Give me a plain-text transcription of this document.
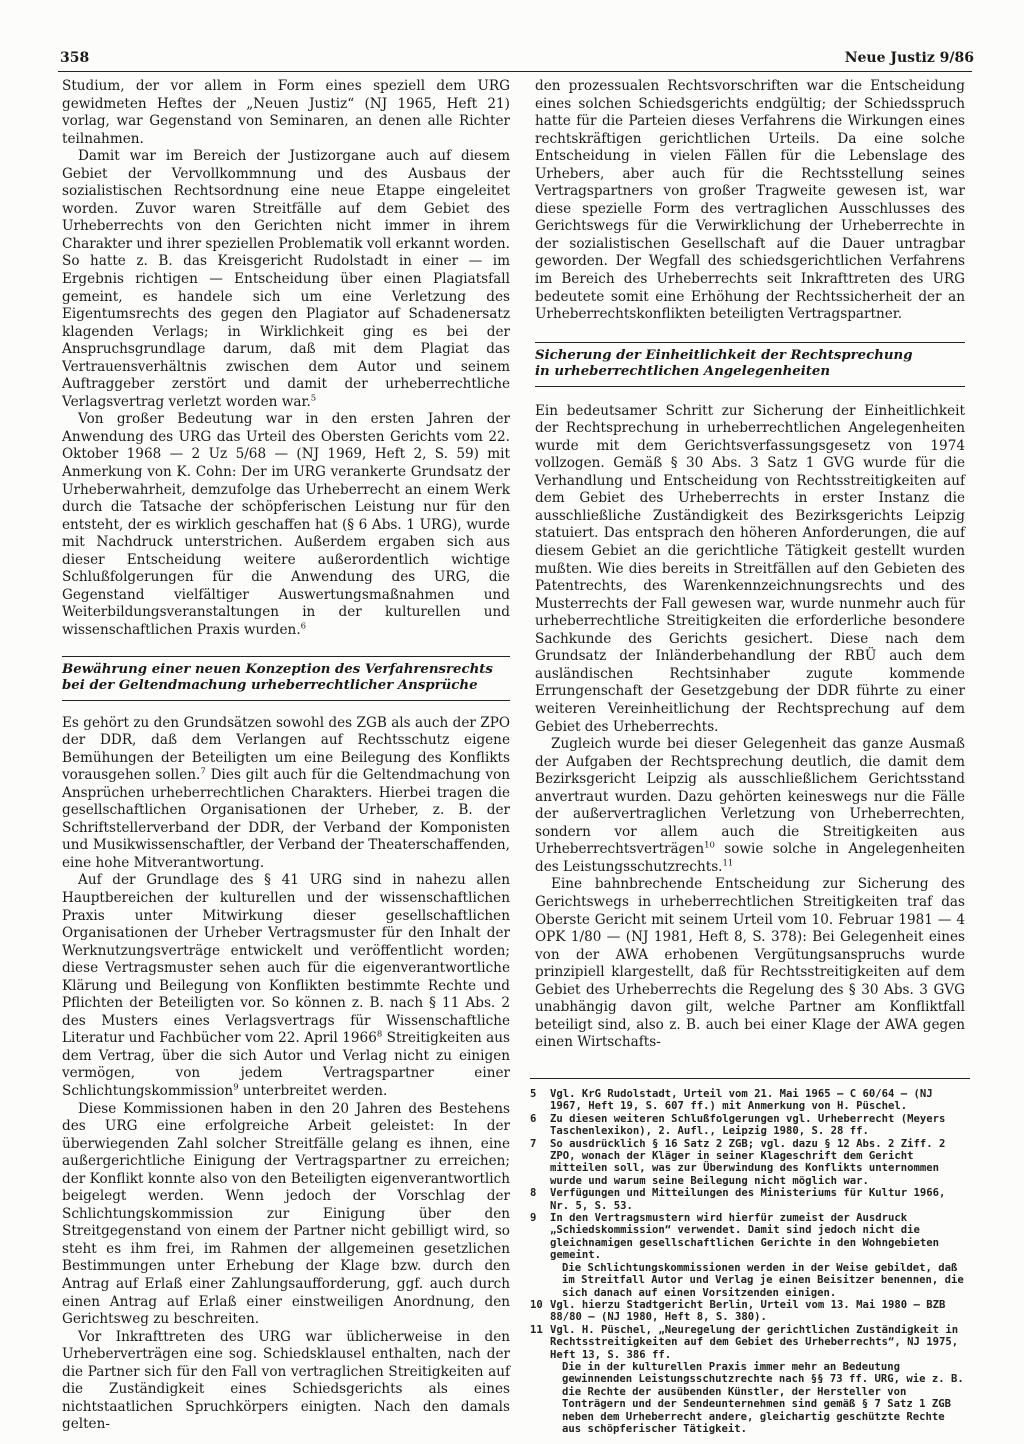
358	Neue Justiz 9/86

Studium, der vor allem in Form eines speziell dem URG gewidmeten Heftes der „Neuen Justiz“ (NJ 1965, Heft 21) vorlag, war Gegenstand von Seminaren, an denen alle Richter teilnahmen.

Damit war im Bereich der Justizorgane auch auf diesem Gebiet der Vervollkommnung und des Ausbaus der sozialistischen Rechtsordnung eine neue Etappe eingeleitet worden. Zuvor waren Streitfälle auf dem Gebiet des Urheberrechts von den Gerichten nicht immer in ihrem Charakter und ihrer speziellen Problematik voll erkannt worden. So hatte z. B. das Kreisgericht Rudolstadt in einer — im Ergebnis richtigen — Entscheidung über einen Plagiatsfall gemeint, es handele sich um eine Verletzung des Eigentumsrechts des gegen den Plagiator auf Schadenersatz klagenden Verlags; in Wirklichkeit ging es bei der Anspruchsgrundlage darum, daß mit dem Plagiat das Vertrauensverhältnis zwischen dem Autor und seinem Auftraggeber zerstört und damit der urheberrechtliche Verlagsvertrag verletzt worden war.$^5$

Von großer Bedeutung war in den ersten Jahren der Anwendung des URG das Urteil des Obersten Gerichts vom 22. Oktober 1968 — 2 Uz 5/68 — (NJ 1969, Heft 2, S. 59) mit Anmerkung von K. Cohn: Der im URG verankerte Grundsatz der Urheberwahrheit, demzufolge das Urheberrecht an einem Werk durch die Tatsache der schöpferischen Leistung nur für den entsteht, der es wirklich geschaffen hat (§ 6 Abs. 1 URG), wurde mit Nachdruck unterstrichen. Außerdem ergaben sich aus dieser Entscheidung weitere außerordentlich wichtige Schlußfolgerungen für die Anwendung des URG, die Gegenstand vielfältiger Auswertungsmaßnahmen und Weiterbildungsveranstaltungen in der kulturellen und wissenschaftlichen Praxis wurden.$^6$

Bewährung einer neuen Konzeption des Verfahrensrechts
bei der Geltendmachung urheberrechtlicher Ansprüche

Es gehört zu den Grundsätzen sowohl des ZGB als auch der ZPO der DDR, daß dem Verlangen auf Rechtsschutz eigene Bemühungen der Beteiligten um eine Beilegung des Konflikts vorausgehen sollen.$^7$ Dies gilt auch für die Geltendmachung von Ansprüchen urheberrechtlichen Charakters. Hierbei tragen die gesellschaftlichen Organisationen der Urheber, z. B. der Schriftstellerverband der DDR, der Verband der Komponisten und Musikwissenschaftler, der Verband der Theaterschaffenden, eine hohe Mitverantwortung.

Auf der Grundlage des § 41 URG sind in nahezu allen Hauptbereichen der kulturellen und der wissenschaftlichen Praxis unter Mitwirkung dieser gesellschaftlichen Organisationen der Urheber Vertragsmuster für den Inhalt der Werknutzungsverträge entwickelt und veröffentlicht worden; diese Vertragsmuster sehen auch für die eigenverantwortliche Klärung und Beilegung von Konflikten bestimmte Rechte und Pflichten der Beteiligten vor. So können z. B. nach § 11 Abs. 2 des Musters eines Verlagsvertrags für Wissenschaftliche Literatur und Fachbücher vom 22. April 1966$^8$ Streitigkeiten aus dem Vertrag, über die sich Autor und Verlag nicht zu einigen vermögen, von jedem Vertragspartner einer Schlichtungskommission$^9$ unterbreitet werden.

Diese Kommissionen haben in den 20 Jahren des Bestehens des URG eine erfolgreiche Arbeit geleistet: In der überwiegenden Zahl solcher Streitfälle gelang es ihnen, eine außergerichtliche Einigung der Vertragspartner zu erreichen; der Konflikt konnte also von den Beteiligten eigenverantwortlich beigelegt werden. Wenn jedoch der Vorschlag der Schlichtungskommission zur Einigung über den Streitgegenstand von einem der Partner nicht gebilligt wird, so steht es ihm frei, im Rahmen der allgemeinen gesetzlichen Bestimmungen unter Erhebung der Klage bzw. durch den Antrag auf Erlaß einer Zahlungsaufforderung, ggf. auch durch einen Antrag auf Erlaß einer einstweiligen Anordnung, den Gerichtsweg zu beschreiten.

Vor Inkrafttreten des URG war üblicherweise in den Urheberverträgen eine sog. Schiedsklausel enthalten, nach der die Partner sich für den Fall von vertraglichen Streitigkeiten auf die Zuständigkeit eines Schiedsgerichts als eines nichtstaatlichen Spruchkörpers einigten. Nach den damals gelten-

den prozessualen Rechtsvorschriften war die Entscheidung eines solchen Schiedsgerichts endgültig; der Schiedsspruch hatte für die Parteien dieses Verfahrens die Wirkungen eines rechtskräftigen gerichtlichen Urteils. Da eine solche Entscheidung in vielen Fällen für die Lebenslage des Urhebers, aber auch für die Rechtsstellung seines Vertragspartners von großer Tragweite gewesen ist, war diese spezielle Form des vertraglichen Ausschlusses des Gerichtswegs für die Verwirklichung der Urheberrechte in der sozialistischen Gesellschaft auf die Dauer untragbar geworden. Der Wegfall des schiedsgerichtlichen Verfahrens im Bereich des Urheberrechts seit Inkrafttreten des URG bedeutete somit eine Erhöhung der Rechtssicherheit der an Urheberrechtskonflikten beteiligten Vertragspartner.

Sicherung der Einheitlichkeit der Rechtsprechung
in urheberrechtlichen Angelegenheiten

Ein bedeutsamer Schritt zur Sicherung der Einheitlichkeit der Rechtsprechung in urheberrechtlichen Angelegenheiten wurde mit dem Gerichtsverfassungsgesetz von 1974 vollzogen. Gemäß § 30 Abs. 3 Satz 1 GVG wurde für die Verhandlung und Entscheidung von Rechtsstreitigkeiten auf dem Gebiet des Urheberrechts in erster Instanz die ausschließliche Zuständigkeit des Bezirksgerichts Leipzig statuiert. Das entsprach den höheren Anforderungen, die auf diesem Gebiet an die gerichtliche Tätigkeit gestellt wurden mußten. Wie dies bereits in Streitfällen auf den Gebieten des Patentrechts, des Warenkennzeichnungsrechts und des Musterrechts der Fall gewesen war, wurde nunmehr auch für urheberrechtliche Streitigkeiten die erforderliche besondere Sachkunde des Gerichts gesichert. Diese nach dem Grundsatz der Inländerbehandlung der RBÜ auch dem ausländischen Rechtsinhaber zugute kommende Errungenschaft der Gesetzgebung der DDR führte zu einer weiteren Vereinheitlichung der Rechtsprechung auf dem Gebiet des Urheberrechts.

Zugleich wurde bei dieser Gelegenheit das ganze Ausmaß der Aufgaben der Rechtsprechung deutlich, die damit dem Bezirksgericht Leipzig als ausschließlichem Gerichtsstand anvertraut wurden. Dazu gehörten keineswegs nur die Fälle der außervertraglichen Verletzung von Urheberrechten, sondern vor allem auch die Streitigkeiten aus Urheberrechtsverträgen$^{10}$ sowie solche in Angelegenheiten des Leistungsschutzrechts.$^{11}$

Eine bahnbrechende Entscheidung zur Sicherung des Gerichtswegs in urheberrechtlichen Streitigkeiten traf das Oberste Gericht mit seinem Urteil vom 10. Februar 1981 — 4 OPK 1/80 — (NJ 1981, Heft 8, S. 378): Bei Gelegenheit eines von der AWA erhobenen Vergütungsanspruchs wurde prinzipiell klargestellt, daß für Rechtsstreitigkeiten auf dem Gebiet des Urheberrechts die Regelung des § 30 Abs. 3 GVG unabhängig davon gilt, welche Partner am Konfliktfall beteiligt sind, also z. B. auch bei einer Klage der AWA gegen einen Wirtschafts-

5	Vgl. KrG Rudolstadt, Urteil vom 21. Mai 1965 — C 60/64 — (NJ 1967, Heft 19, S. 607 ff.) mit Anmerkung von H. Püschel.
6	Zu diesen weiteren Schlußfolgerungen vgl. Urheberrecht (Meyers Taschenlexikon), 2. Aufl., Leipzig 1980, S. 28 ff.
7	So ausdrücklich § 16 Satz 2 ZGB; vgl. dazu § 12 Abs. 2 Ziff. 2 ZPO, wonach der Kläger in seiner Klageschrift dem Gericht mitteilen soll, was zur Überwindung des Konflikts unternommen wurde und warum seine Beilegung nicht möglich war.
8	Verfügungen und Mitteilungen des Ministeriums für Kultur 1966, Nr. 5, S. 53.
9	In den Vertragsmustern wird hierfür zumeist der Ausdruck „Schiedskommission“ verwendet. Damit sind jedoch nicht die gleichnamigen gesellschaftlichen Gerichte in den Wohngebieten gemeint.

Die Schlichtungskommissionen werden in der Weise gebildet, daß im Streitfall Autor und Verlag je einen Beisitzer benennen, die sich danach auf einen Vorsitzenden einigen.

10 Vgl. hierzu Stadtgericht Berlin, Urteil vom 13. Mai 1980 — BZB 88/80 — (NJ 1980, Heft 8, S. 380).
11 Vgl. H. Püschel, „Neuregelung der gerichtlichen Zuständigkeit in Rechtsstreitigkeiten auf dem Gebiet des Urheberrechts“, NJ 1975, Heft 13, S. 386 ff.

Die in der kulturellen Praxis immer mehr an Bedeutung gewinnenden Leistungsschutzrechte nach §§ 73 ff. URG, wie z. B. die Rechte der ausübenden Künstler, der Hersteller von Tonträgern und der Sendeunternehmen sind gemäß § 7 Satz 1 ZGB neben dem Urheberrecht andere, gleichartig geschützte Rechte aus schöpferischer Tätigkeit.
